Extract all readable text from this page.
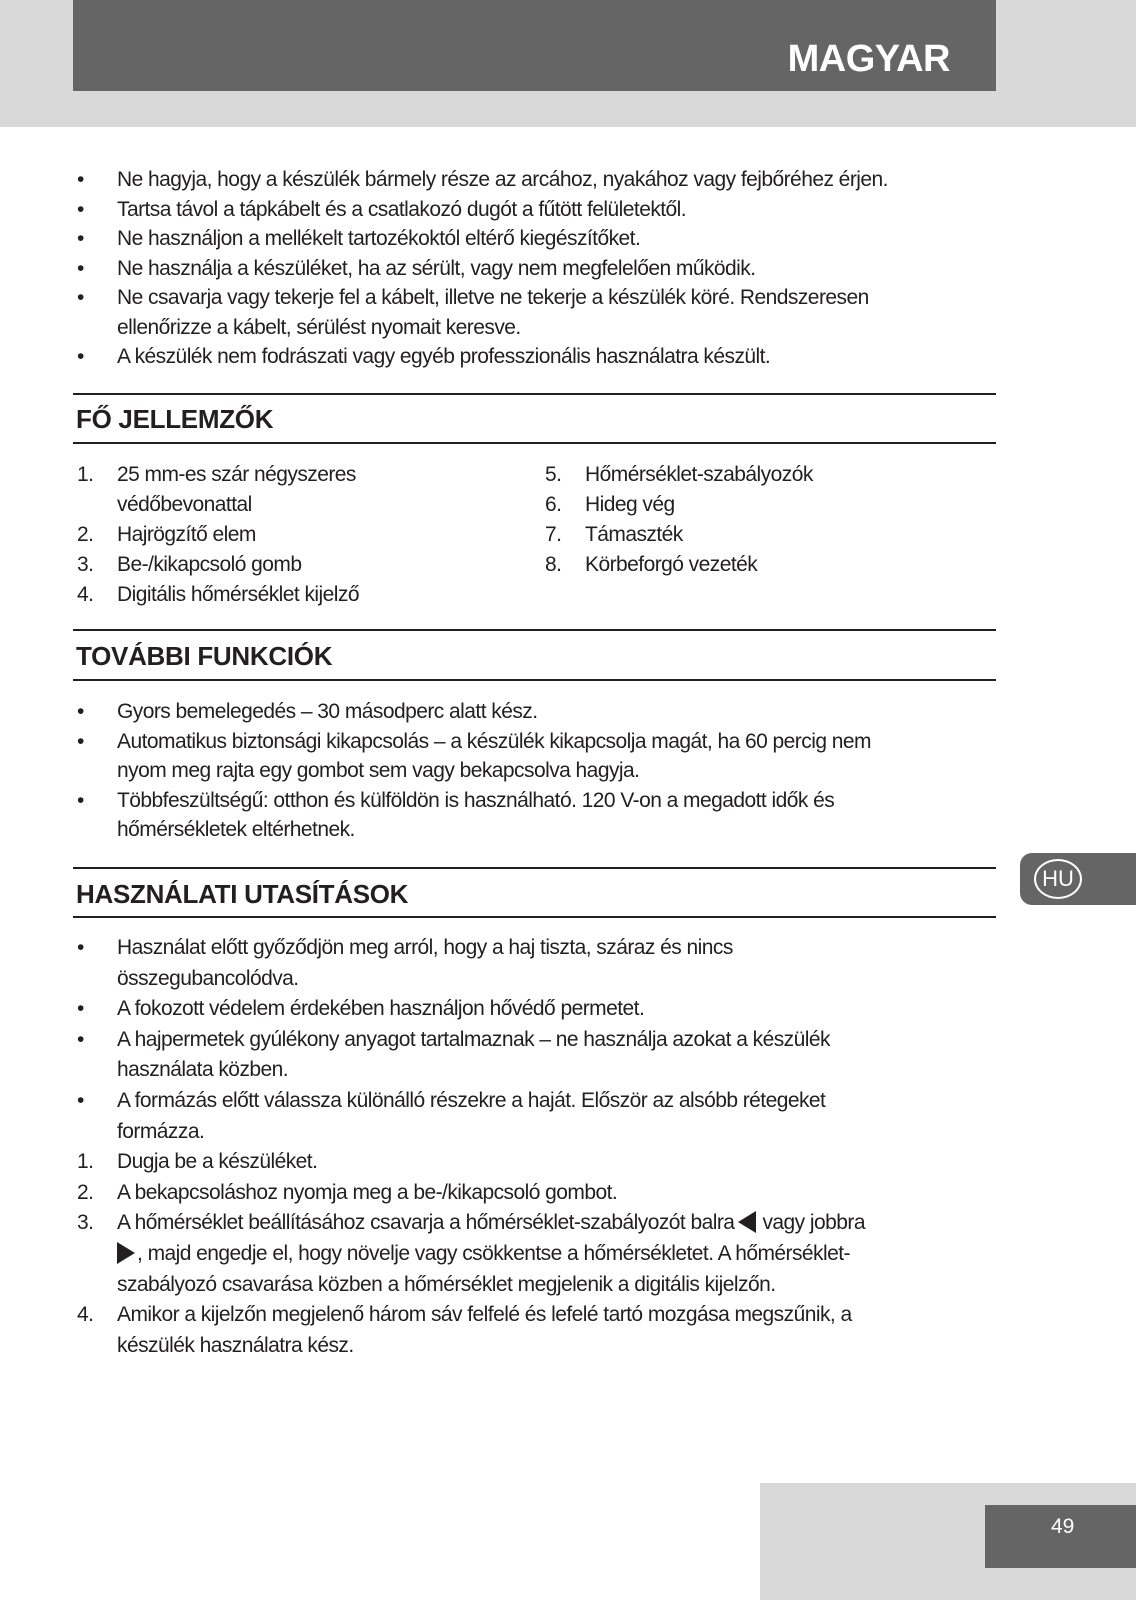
MAGYAR
• Ne hagyja, hogy a készülék bármely része az arcához, nyakához vagy fejbőréhez érjen.
• Tartsa távol a tápkábelt és a csatlakozó dugót a fűtött felületektől.
• Ne használjon a mellékelt tartozékoktól eltérő kiegészítőket.
• Ne használja a készüléket, ha az sérült, vagy nem megfelelően működik.
• Ne csavarja vagy tekerje fel a kábelt, illetve ne tekerje a készülék köré. Rendszeresen
ellenőrizze a kábelt, sérülést nyomait keresve.
• A készülék nem fodrászati vagy egyéb professzionális használatra készült.
FŐ JELLEMZŐK
1. 25 mm-es szár négyszeres
védőbevonattal
2. Hajrögzítő elem
3. Be-/kikapcsoló gomb
4. Digitális hőmérséklet kijelző
5. Hőmérséklet-szabályozók
6. Hideg vég
7. Támaszték
8. Körbeforgó vezeték
TOVÁBBI FUNKCIÓK
• Gyors bemelegedés – 30 másodperc alatt kész.
• Automatikus biztonsági kikapcsolás – a készülék kikapcsolja magát, ha 60 percig nem
nyom meg rajta egy gombot sem vagy bekapcsolva hagyja.
• Többfeszültségű: otthon és külföldön is használható. 120 V-on a megadott idők és
hőmérsékletek eltérhetnek.
HASZNÁLATI UTASÍTÁSOK
• Használat előtt győződjön meg arról, hogy a haj tiszta, száraz és nincs
összegubancolódva.
• A fokozott védelem érdekében használjon hővédő permetet.
• A hajpermetek gyúlékony anyagot tartalmaznak – ne használja azokat a készülék
használata közben.
• A formázás előtt válassza különálló részekre a haját. Először az alsóbb rétegeket
formázza.
1. Dugja be a készüléket.
2. A bekapcsoláshoz nyomja meg a be-/kikapcsoló gombot.
3. A hőmérséklet beállításához csavarja a hőmérséklet-szabályozót balra vagy jobbra
, majd engedje el, hogy növelje vagy csökkentse a hőmérsékletet. A hőmérséklet-
szabályozó csavarása közben a hőmérséklet megjelenik a digitális kijelzőn.
4. Amikor a kijelzőn megjelenő három sáv felfelé és lefelé tartó mozgása megszűnik, a
készülék használatra kész.
HU
49
